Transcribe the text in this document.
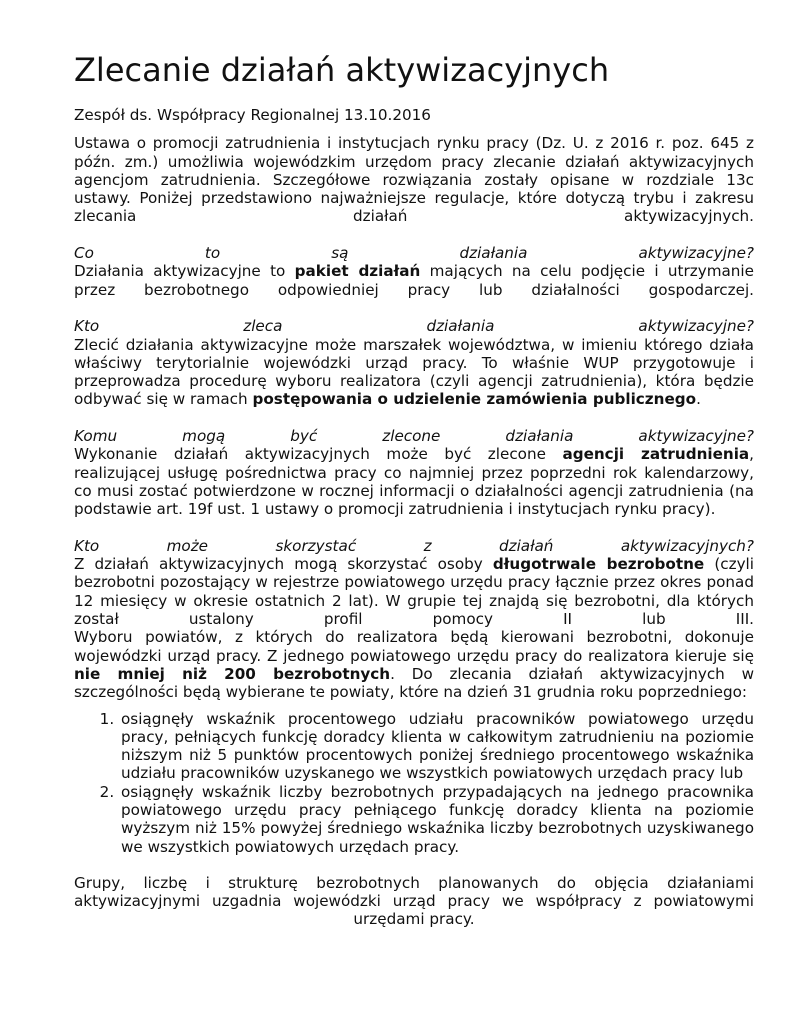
Zlecanie działań aktywizacyjnych
Zespół ds. Współpracy Regionalnej 13.10.2016

Ustawa o promocji zatrudnienia i instytucjach rynku pracy (Dz. U. z 2016 r. poz. 645 z późn. zm.) umożliwia wojewódzkim urzędom pracy zlecanie działań aktywizacyjnych agencjom zatrudnienia. Szczegółowe rozwiązania zostały opisane w rozdziale 13c ustawy. Poniżej przedstawiono najważniejsze regulacje, które dotyczą trybu i zakresu zlecania działań aktywizacyjnych.

Co to są działania aktywizacyjne?

Działania aktywizacyjne to pakiet działań mających na celu podjęcie i utrzymanie przez bezrobotnego odpowiedniej pracy lub działalności gospodarczej.

Kto zleca działania aktywizacyjne?

Zlecić działania aktywizacyjne może marszałek województwa, w imieniu którego działa właściwy terytorialnie wojewódzki urząd pracy. To właśnie WUP przygotowuje i przeprowadza procedurę wyboru realizatora (czyli agencji zatrudnienia), która będzie odbywać się w ramach postępowania o udzielenie zamówienia publicznego.

Komu mogą być zlecone działania aktywizacyjne?

Wykonanie działań aktywizacyjnych może być zlecone agencji zatrudnienia, realizującej usługę pośrednictwa pracy co najmniej przez poprzedni rok kalendarzowy, co musi zostać potwierdzone w rocznej informacji o działalności agencji zatrudnienia (na podstawie art. 19f ust. 1 ustawy o promocji zatrudnienia i instytucjach rynku pracy).

Kto może skorzystać z działań aktywizacyjnych?

Z działań aktywizacyjnych mogą skorzystać osoby długotrwale bezrobotne (czyli bezrobotni pozostający w rejestrze powiatowego urzędu pracy łącznie przez okres ponad 12 miesięcy w okresie ostatnich 2 lat). W grupie tej znajdą się bezrobotni, dla których został ustalony profil pomocy II lub III.

Wyboru powiatów, z których do realizatora będą kierowani bezrobotni, dokonuje wojewódzki urząd pracy. Z jednego powiatowego urzędu pracy do realizatora kieruje się nie mniej niż 200 bezrobotnych. Do zlecania działań aktywizacyjnych w szczególności będą wybierane te powiaty, które na dzień 31 grudnia roku poprzedniego:

1. osiągnęły wskaźnik procentowego udziału pracowników powiatowego urzędu pracy, pełniących funkcję doradcy klienta w całkowitym zatrudnieniu na poziomie niższym niż 5 punktów procentowych poniżej średniego procentowego wskaźnika udziału pracowników uzyskanego we wszystkich powiatowych urzędach pracy lub
2. osiągnęły wskaźnik liczby bezrobotnych przypadających na jednego pracownika powiatowego urzędu pracy pełniącego funkcję doradcy klienta na poziomie wyższym niż 15% powyżej średniego wskaźnika liczby bezrobotnych uzyskiwanego we wszystkich powiatowych urzędach pracy.

Grupy, liczbę i strukturę bezrobotnych planowanych do objęcia działaniami aktywizacyjnymi uzgadnia wojewódzki urząd pracy we współpracy z powiatowymi urzędami pracy.
